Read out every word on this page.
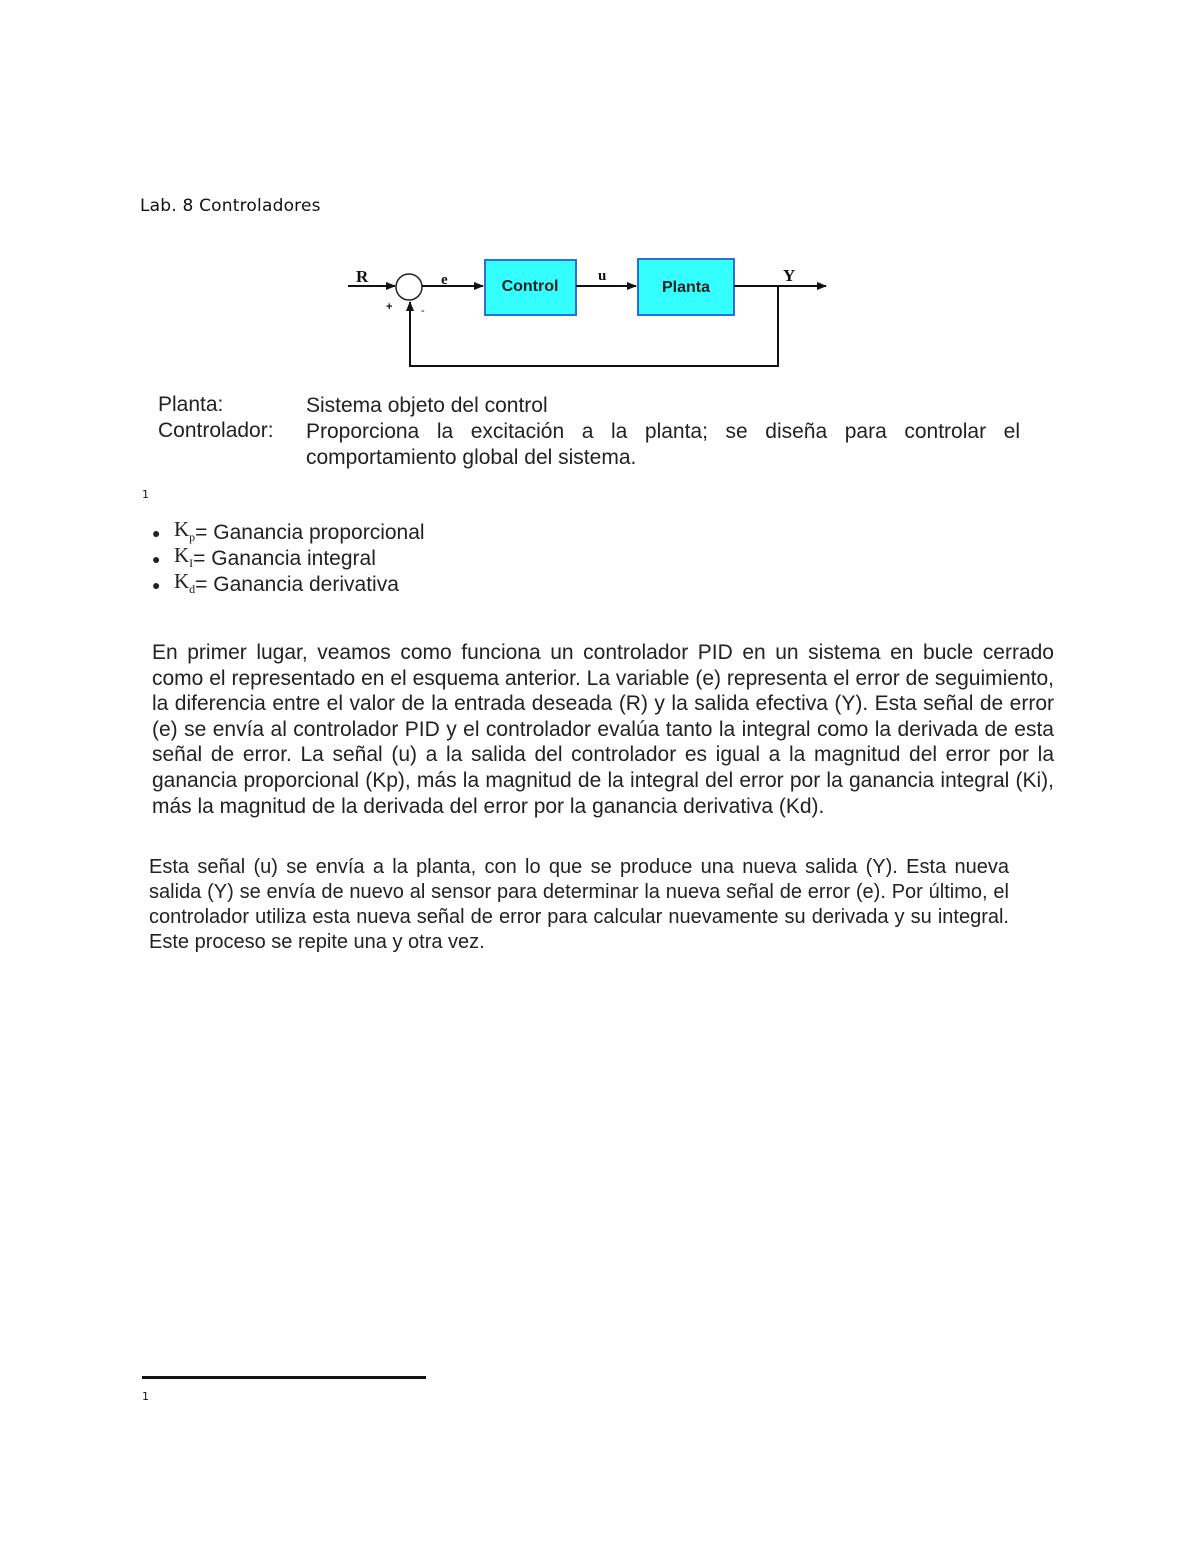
Lab. 8 Controladores
R	e	Control
u
Planta
Y
+	-
Planta:	Sistema objeto del control
Controlador: Proporciona la excitación a la planta; se diseña para controlar el comportamiento global del sistema.
1
● $K_p$ = Ganancia proporcional
● $K_I$ = Ganancia integral
● $K_d$ = Ganancia derivativa
En primer lugar, veamos como funciona un controlador PID en un sistema en bucle cerrado como el representado en el esquema anterior. La variable (e) representa el error de seguimiento, la diferencia entre el valor de la entrada deseada (R) y la salida efectiva (Y). Esta señal de error (e) se envía al controlador PID y el controlador evalúa tanto la integral como la derivada de esta señal de error. La señal (u) a la salida del controlador es igual a la magnitud del error por la ganancia proporcional (Kp), más la magnitud de la integral del error por la ganancia integral (Ki), más la magnitud de la derivada del error por la ganancia derivativa (Kd).
Esta señal (u) se envía a la planta, con lo que se produce una nueva salida (Y). Esta nueva salida (Y) se envía de nuevo al sensor para determinar la nueva señal de error (e). Por último, el controlador utiliza esta nueva señal de error para calcular nuevamente su derivada y su integral. Este proceso se repite una y otra vez.
1
